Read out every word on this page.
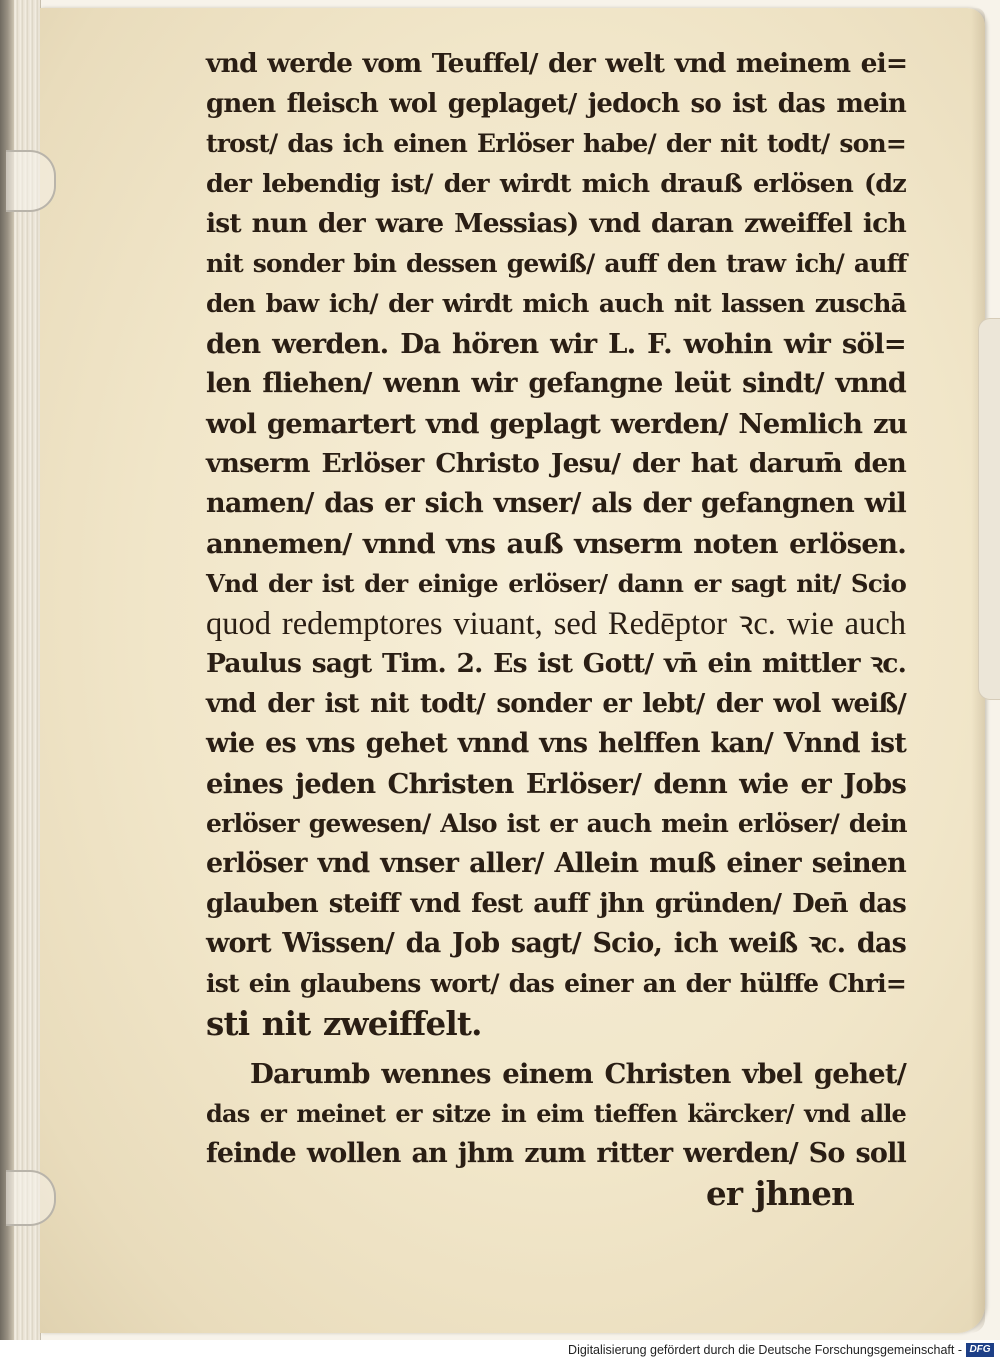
vnd werde vom Teuffel/ der welt vnd meinem ei=
gnen fleisch wol geplaget/ jedoch so ist das mein
trost/ das ich einen Erlöser habe/ der nit todt/ son=
der lebendig ist/ der wirdt mich drauß erlösen (dz
ist nun der ware Messias) vnd daran zweiffel ich
nit sonder bin dessen gewiß/ auff den traw ich/ auff
den baw ich/ der wirdt mich auch nit lassen zuschā
den werden. Da hören wir L. F. wohin wir söl=
len fliehen/ wenn wir gefangne leüt sindt/ vnnd
wol gemartert vnd geplagt werden/ Nemlich zu
vnserm Erlöser Christo Jesu/ der hat darum̄ den
namen/ das er sich vnser/ als der gefangnen wil
annemen/ vnnd vns auß vnserm noten erlösen.
Vnd der ist der einige erlöser/ dann er sagt nit/ Scio
quod redemptores viuant, sed Redēptor ꝛc. wie auch
Paulus sagt Tim. 2. Es ist Gott/ vn̄ ein mittler ꝛc.
vnd der ist nit todt/ sonder er lebt/ der wol weiß/
wie es vns gehet vnnd vns helffen kan/ Vnnd ist
eines jeden Christen Erlöser/ denn wie er Jobs
erlöser gewesen/ Also ist er auch mein erlöser/ dein
erlöser vnd vnser aller/ Allein muß einer seinen
glauben steiff vnd fest auff jhn gründen/ Den̄ das
wort Wissen/ da Job sagt/ Scio, ich weiß ꝛc. das
ist ein glaubens wort/ das einer an der hülffe Chri=
sti nit zweiffelt.
Darumb wennes einem Christen vbel gehet/
das er meinet er sitze in eim tieffen kärcker/ vnd alle
feinde wollen an jhm zum ritter werden/ So soll
er jhnen
Digitalisierung gefördert durch die Deutsche Forschungsgemeinschaft - DFG
